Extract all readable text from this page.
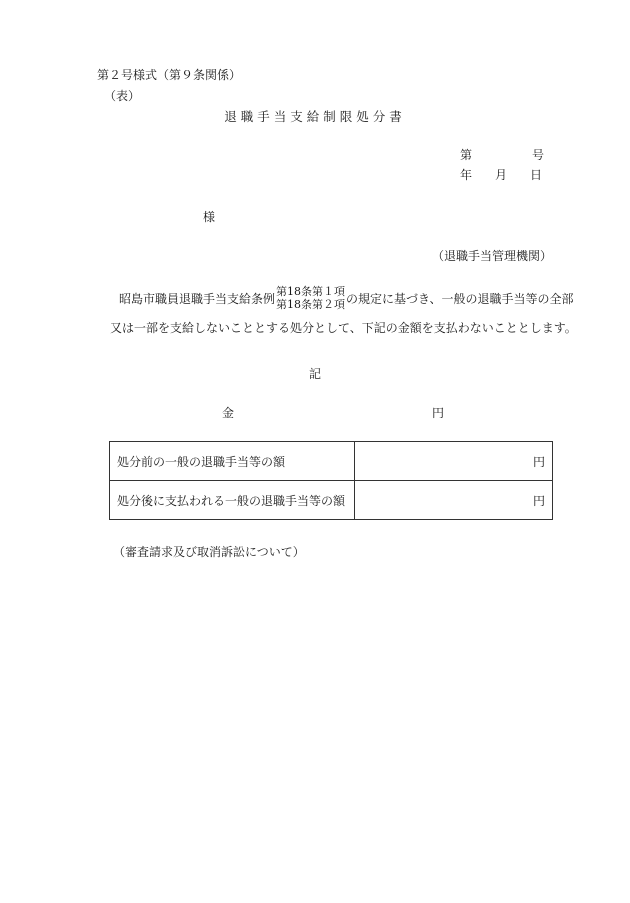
第２号様式（第９条関係）
（表）
退職手当支給制限処分書
第	号
年 月 日
様
（退職手当管理機関）
昭島市職員退職手当支給条例 第18条第１項
第18条第２項 の規定に基づき、一般の退職手当等の全部
又は一部を支給しないこととする処分として、下記の金額を支払わないこととします。
記
金	円
処分前の一般の退職手当等の額	円
処分後に支払われる一般の退職手当等の額	円
（審査請求及び取消訴訟について）
